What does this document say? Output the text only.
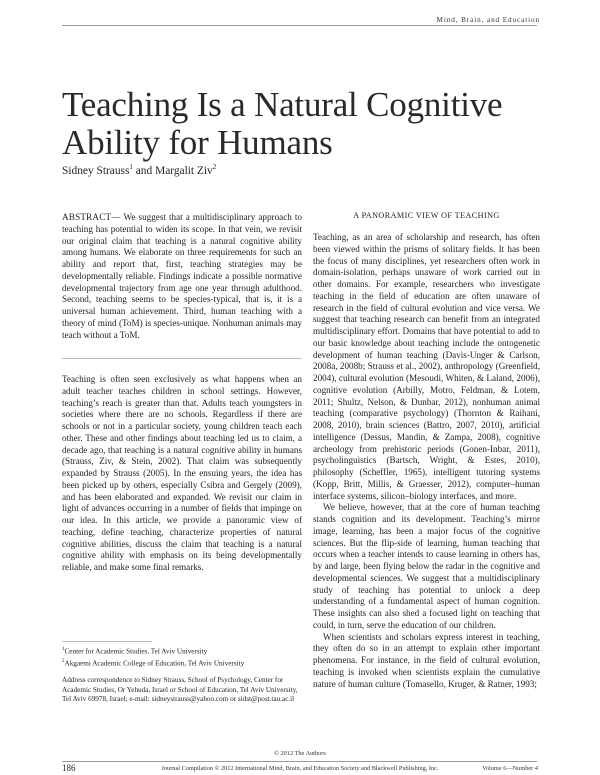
Mind, Brain, and Education
Teaching Is a Natural Cognitive
Ability for Humans
Sidney Strauss$^1$ and Margalit Ziv$^2$
ABSTRACT— We suggest that a multidisciplinary approach to teaching has potential to widen its scope. In that vein, we revisit our original claim that teaching is a natural cognitive ability among humans. We elaborate on three requirements for such an ability and report that, first, teaching strategies may be developmentally reliable. Findings indicate a possible normative developmental trajectory from age one year through adulthood. Second, teaching seems to be species-typical, that is, it is a universal human achievement. Third, human teaching with a theory of mind (ToM) is species-unique. Nonhuman animals may teach without a ToM.
Teaching is often seen exclusively as what happens when an adult teacher teaches children in school settings. However, teaching’s reach is greater than that. Adults teach youngsters in societies where there are no schools. Regardless if there are schools or not in a particular society, young children teach each other. These and other findings about teaching led us to claim, a decade ago, that teaching is a natural cognitive ability in humans (Strauss, Ziv, & Stein, 2002). That claim was subsequently expanded by Strauss (2005). In the ensuing years, the idea has been picked up by others, especially Csibra and Gergely (2009), and has been elaborated and expanded. We revisit our claim in light of advances occurring in a number of fields that impinge on our idea. In this article, we provide a panoramic view of teaching, define teaching, characterize properties of natural cognitive abilities, discuss the claim that teaching is a natural cognitive ability with emphasis on its being developmentally reliable, and make some final remarks.

$^1$Center for Academic Studies, Tel Aviv University

$^2$Akgaemi Academic College of Education, Tel Aviv University

Address correspondence to Sidney Strauss, School of Psychology, Center for Academic Studies, Or Yehuda, Israel or School of Education, Tel Aviv University, Tel Aviv 69978, Israel; e-mail: sidneystrauss@yahoo.com or sidst@post.tau.ac.il

A PANORAMIC VIEW OF TEACHING

Teaching, as an area of scholarship and research, has often been viewed within the prisms of solitary fields. It has been the focus of many disciplines, yet researchers often work in domain-isolation, perhaps unaware of work carried out in other domains. For example, researchers who investigate teaching in the field of education are often unaware of research in the field of cultural evolution and vice versa. We suggest that teaching research can benefit from an integrated multidisciplinary effort. Domains that have potential to add to our basic knowledge about teaching include the ontogenetic development of human teaching (Davis-Unger & Carlson, 2008a, 2008b; Strauss et al., 2002), anthropology (Greenfield, 2004), cultural evolution (Mesoudi, Whiten, & Laland, 2006), cognitive evolution (Arbilly, Motro, Feldman, & Lotem, 2011; Shultz, Nelson, & Dunbar, 2012), nonhuman animal teaching (comparative psychology) (Thornton & Raihani, 2008, 2010), brain sciences (Battro, 2007, 2010), artificial intelligence (Dessus, Mandin, & Zampa, 2008), cognitive archeology from prehistoric periods (Gonen-Inbar, 2011), psycholinguistics (Bartsch, Wright, & Estes, 2010), philosophy (Scheffler, 1965), intelligent tutoring systems (Kopp, Britt, Millis, & Graesser, 2012), computer–human interface systems, silicon–biology interfaces, and more.

We believe, however, that at the core of human teaching stands cognition and its development. Teaching’s mirror image, learning, has been a major focus of the cognitive sciences. But the flip-side of learning, human teaching that occurs when a teacher intends to cause learning in others has, by and large, been flying below the radar in the cognitive and developmental sciences. We suggest that a multidisciplinary study of teaching has potential to unlock a deep understanding of a fundamental aspect of human cognition. These insights can also shed a focused light on teaching that could, in turn, serve the education of our children.

When scientists and scholars express interest in teaching, they often do so in an attempt to explain other important phenomena. For instance, in the field of cultural evolution, teaching is invoked when scientists explain the cumulative nature of human culture (Tomasello, Kruger, & Ratner, 1993;

© 2012 The Authors
186	Journal Compilation © 2012 International Mind, Brain, and Education Society and Blackwell Publishing, Inc.	Volume 6—Number 4
